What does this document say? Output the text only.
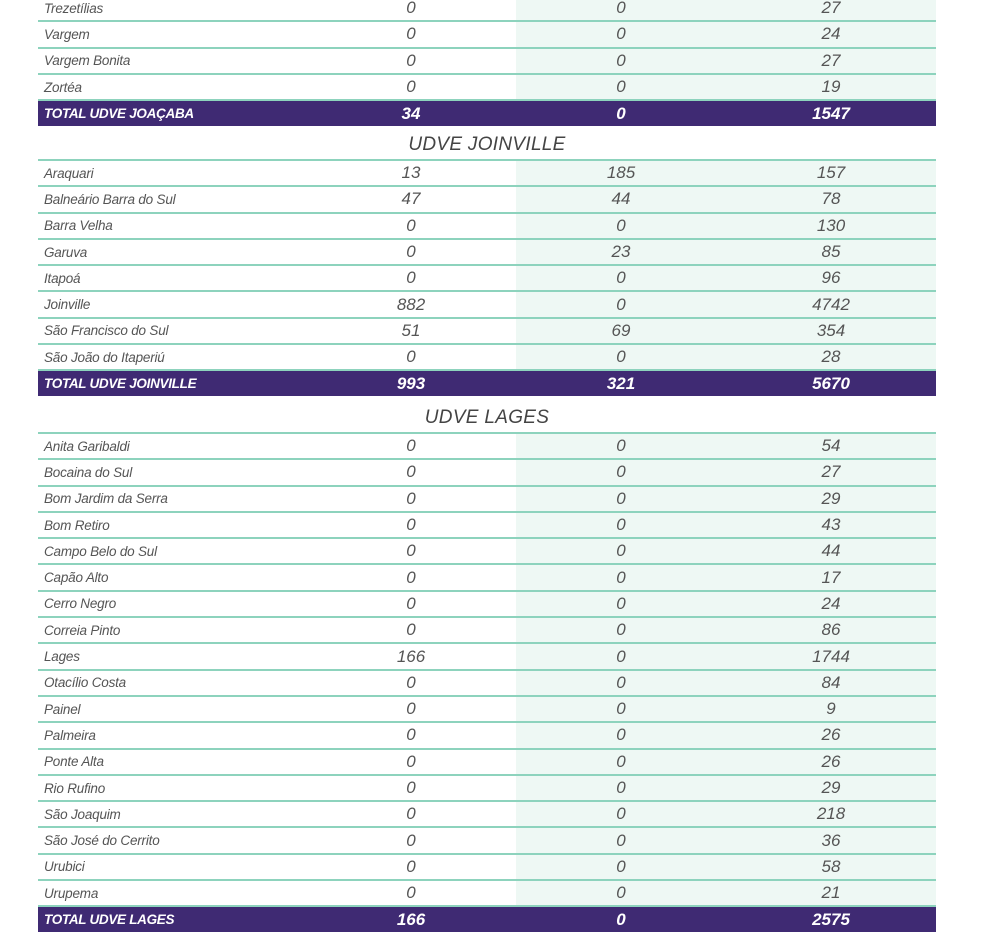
Trezetílias	0	0	27
Vargem	0	0	24
Vargem Bonita	0	0	27
Zortéa	0	0	19
TOTAL UDVE JOAÇABA	34	0	1547
UDVE JOINVILLE
Araquari	13	185	157
Balneário Barra do Sul	47	44	78
Barra Velha	0	0	130
Garuva	0	23	85
Itapoá	0	0	96
Joinville	882	0	4742
São Francisco do Sul	51	69	354
São João do Itaperiú	0	0	28
TOTAL UDVE JOINVILLE	993	321	5670
UDVE LAGES
Anita Garibaldi	0	0	54
Bocaina do Sul	0	0	27
Bom Jardim da Serra	0	0	29
Bom Retiro	0	0	43
Campo Belo do Sul	0	0	44
Capão Alto	0	0	17
Cerro Negro	0	0	24
Correia Pinto	0	0	86
Lages	166	0	1744
Otacílio Costa	0	0	84
Painel	0	0	9
Palmeira	0	0	26
Ponte Alta	0	0	26
Rio Rufino	0	0	29
São Joaquim	0	0	218
São José do Cerrito	0	0	36
Urubici	0	0	58
Urupema	0	0	21
TOTAL UDVE LAGES	166	0	2575
